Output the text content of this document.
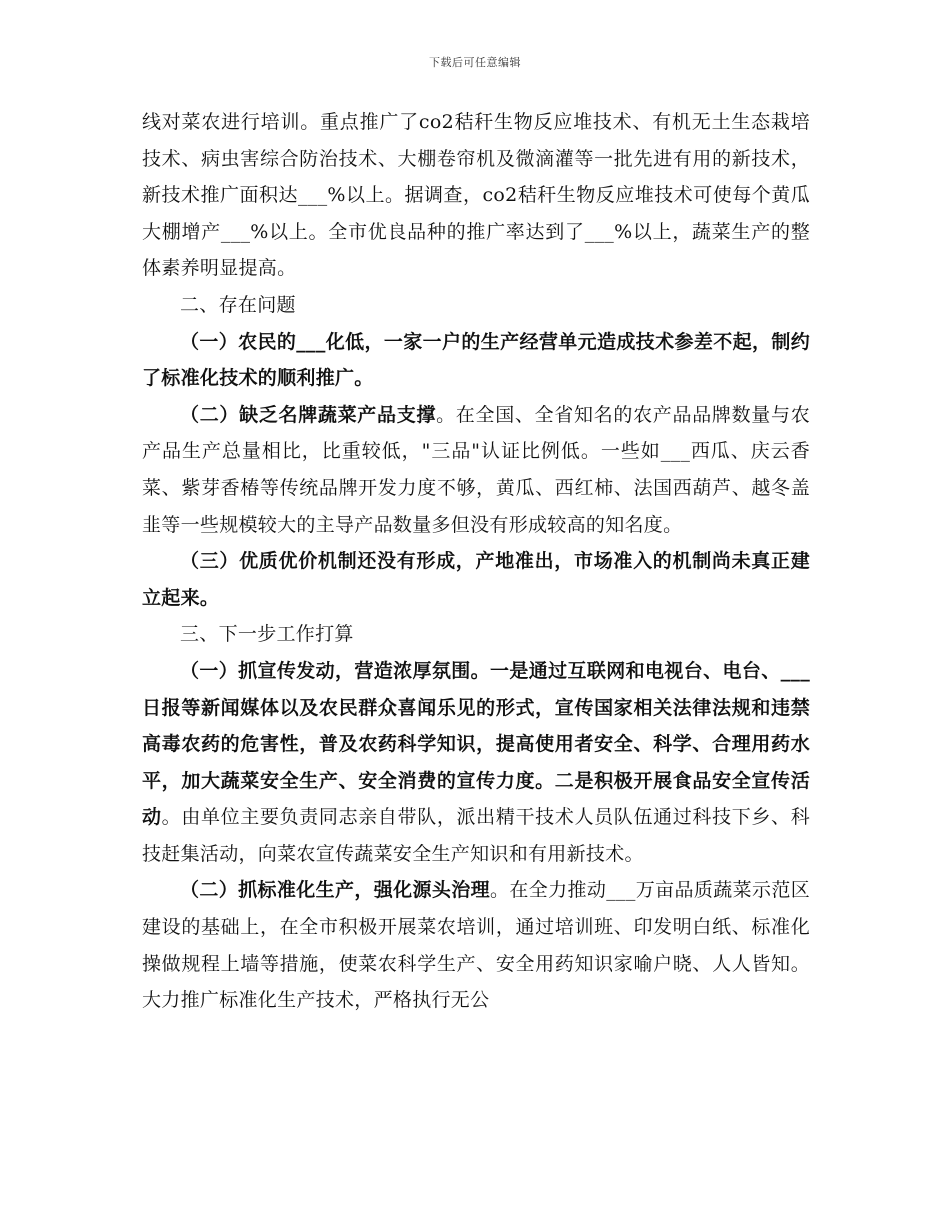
下载后可任意编辑

线对菜农进行培训。重点推广了co2秸秆生物反应堆技术、有机无土生态栽培技术、病虫害综合防治技术、大棚卷帘机及微滴灌等一批先进有用的新技术，新技术推广面积达___%以上。据调查，co2秸秆生物反应堆技术可使每个黄瓜大棚增产___%以上。全市优良品种的推广率达到了___%以上，蔬菜生产的整体素养明显提高。

二、存在问题

（一）农民的___化低，一家一户的生产经营单元造成技术参差不起，制约了标准化技术的顺利推广。

（二）缺乏名牌蔬菜产品支撑。在全国、全省知名的农产品品牌数量与农产品生产总量相比，比重较低，"三品"认证比例低。一些如___西瓜、庆云香菜、紫芽香椿等传统品牌开发力度不够，黄瓜、西红柿、法国西葫芦、越冬盖韭等一些规模较大的主导产品数量多但没有形成较高的知名度。

（三）优质优价机制还没有形成，产地准出，市场准入的机制尚未真正建立起来。

三、下一步工作打算

（一）抓宣传发动，营造浓厚氛围。一是通过互联网和电视台、电台、___日报等新闻媒体以及农民群众喜闻乐见的形式，宣传国家相关法律法规和违禁高毒农药的危害性，普及农药科学知识，提高使用者安全、科学、合理用药水平，加大蔬菜安全生产、安全消费的宣传力度。二是积极开展食品安全宣传活动。由单位主要负责同志亲自带队，派出精干技术人员队伍通过科技下乡、科技赶集活动，向菜农宣传蔬菜安全生产知识和有用新技术。

（二）抓标准化生产，强化源头治理。在全力推动___万亩品质蔬菜示范区建设的基础上，在全市积极开展菜农培训，通过培训班、印发明白纸、标准化操做规程上墙等措施，使菜农科学生产、安全用药知识家喻户晓、人人皆知。大力推广标准化生产技术，严格执行无公
